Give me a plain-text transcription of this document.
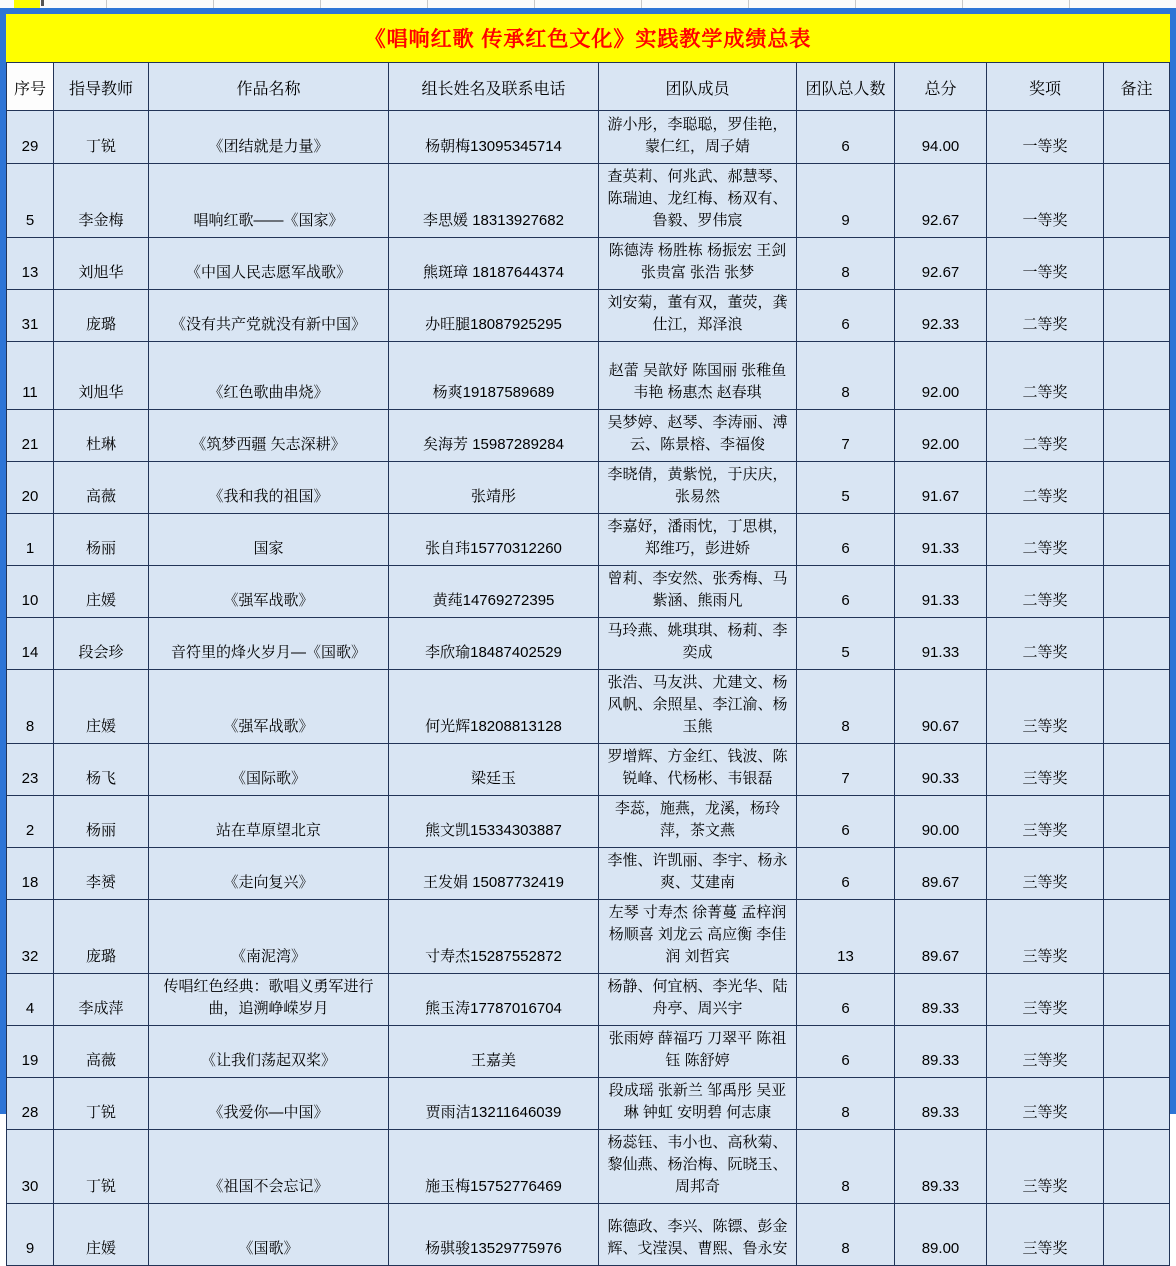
《唱响红歌 传承红色文化》实践教学成绩总表
序号	指导教师	作品名称	组长姓名及联系电话	团队成员	团队总人数	总分	奖项	备注
29	丁锐	《团结就是力量》	杨朝梅13095345714	游小彤，李聪聪，罗佳艳，蒙仁红，周子婧	6	94.00	一等奖	
5	李金梅	唱响红歌——《国家》	李思媛 18313927682	查英莉、何兆武、郝慧琴、陈瑞迪、龙红梅、杨双有、鲁毅、罗伟宸	9	92.67	一等奖	
13	刘旭华	《中国人民志愿军战歌》	熊斑璋 18187644374	陈德涛 杨胜栋 杨振宏 王剑 张贵富 张浩 张梦	8	92.67	一等奖	
31	庞璐	《没有共产党就没有新中国》	办旺腿18087925295	刘安菊，董有双，董荧，龚仕江，郑泽浪	6	92.33	二等奖	
11	刘旭华	《红色歌曲串烧》	杨爽19187589689	赵蕾 吴歆妤 陈国丽 张稚鱼 韦艳 杨惠杰 赵春琪	8	92.00	二等奖	
21	杜琳	《筑梦西疆 矢志深耕》	矣海芳 15987289284	吴梦婷、赵琴、李涛丽、溥云、陈景榕、李福俊	7	92.00	二等奖	
20	高薇	《我和我的祖国》	张靖彤	李晓倩，黄紫悦，于庆庆，张易然	5	91.67	二等奖	
1	杨丽	国家	张自玮15770312260	李嘉妤，潘雨忱，丁思棋，郑维巧，彭进娇	6	91.33	二等奖	
10	庄媛	《强军战歌》	黄莼14769272395	曾莉、李安然、张秀梅、马紫涵、熊雨凡	6	91.33	二等奖	
14	段会珍	音符里的烽火岁月—《国歌》	李欣瑜18487402529	马玲燕、姚琪琪、杨莉、李奕成	5	91.33	二等奖	
8	庄媛	《强军战歌》	何光辉18208813128	张浩、马友洪、尤建文、杨风帆、余照星、李江渝、杨玉熊	8	90.67	三等奖	
23	杨飞	《国际歌》	梁廷玉	罗增辉、方金红、钱波、陈锐峰、代杨彬、韦银磊	7	90.33	三等奖	
2	杨丽	站在草原望北京	熊文凯15334303887	李蕊，施燕，龙溪，杨玲萍，茶文燕	6	90.00	三等奖	
18	李赟	《走向复兴》	王发娟 15087732419	李惟、许凯丽、李宇、杨永爽、艾建南	6	89.67	三等奖	
32	庞璐	《南泥湾》	寸寿杰15287552872	左琴 寸寿杰 徐菁蔓 孟梓润 杨顺喜 刘龙云 高应衡 李佳润 刘哲宾	13	89.67	三等奖	
4	李成萍	传唱红色经典：歌唱义勇军进行曲，追溯峥嵘岁月	熊玉涛17787016704	杨静、何宜柄、李光华、陆舟亭、周兴宇	6	89.33	三等奖	
19	高薇	《让我们荡起双桨》	王嘉美	张雨婷 薛福巧 刀翠平 陈祖钰 陈舒婷	6	89.33	三等奖	
28	丁锐	《我爱你—中国》	贾雨洁13211646039	段成瑶 张新兰 邹禹彤 吴亚琳 钟虹 安明碧 何志康	8	89.33	三等奖	
30	丁锐	《祖国不会忘记》	施玉梅15752776469	杨蕊钰、韦小也、高秋菊、黎仙燕、杨治梅、阮晓玉、周邦奇	8	89.33	三等奖	
9	庄媛	《国歌》	杨骐骏13529775976	陈德政、李兴、陈镖、彭金辉、戈滢淏、曹熙、鲁永安	8	89.00	三等奖	
